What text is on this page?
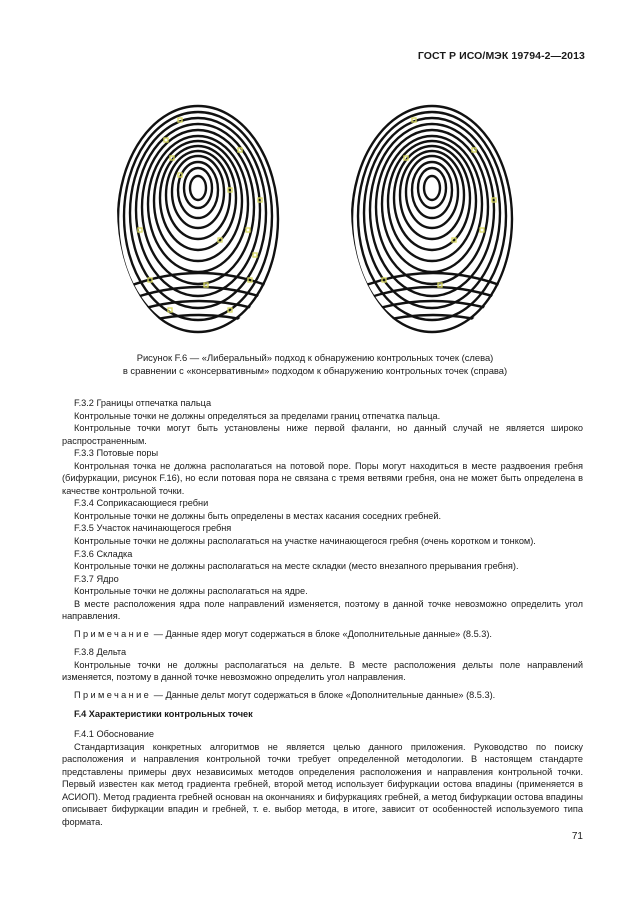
ГОСТ Р ИСО/МЭК 19794-2—2013
Рисунок F.6 — «Либеральный» подход к обнаружению контрольных точек (слева)
в сравнении с «консервативным» подходом к обнаружению контрольных точек (справа)

F.3.2 Границы отпечатка пальца

Контрольные точки не должны определяться за пределами границ отпечатка пальца.

Контрольные точки могут быть установлены ниже первой фаланги, но данный случай не является широко распространенным.

F.3.3 Потовые поры

Контрольная точка не должна располагаться на потовой поре. Поры могут находиться в месте раздвоения гребня (бифуркации, рисунок F.16), но если потовая пора не связана с тремя ветвями гребня, она не может быть определена в качестве контрольной точки.

F.3.4 Соприкасающиеся гребни

Контрольные точки не должны быть определены в местах касания соседних гребней.

F.3.5 Участок начинающегося гребня

Контрольные точки не должны располагаться на участке начинающегося гребня (очень коротком и тонком).

F.3.6 Складка

Контрольные точки не должны располагаться на месте складки (место внезапного прерывания гребня).

F.3.7 Ядро

Контрольные точки не должны располагаться на ядре.

В месте расположения ядра поле направлений изменяется, поэтому в данной точке невозможно определить угол направления.

Примечание — Данные ядер могут содержаться в блоке «Дополнительные данные» (8.5.3).

F.3.8 Дельта

Контрольные точки не должны располагаться на дельте. В месте расположения дельты поле направлений изменяется, поэтому в данной точке невозможно определить угол направления.

Примечание — Данные дельт могут содержаться в блоке «Дополнительные данные» (8.5.3).

F.4 Характеристики контрольных точек

F.4.1 Обоснование

Стандартизация конкретных алгоритмов не является целью данного приложения. Руководство по поиску расположения и направления контрольной точки требует определенной методологии. В настоящем стандарте представлены примеры двух независимых методов определения расположения и направления контрольной точки. Первый известен как метод градиента гребней, второй метод использует бифуркации остова впадины (применяется в АСИОП). Метод градиента гребней основан на окончаниях и бифуркациях гребней, а метод бифуркации остова впадины описывает бифуркации впадин и гребней, т. е. выбор метода, в итоге, зависит от особенностей используемого типа формата.

71
